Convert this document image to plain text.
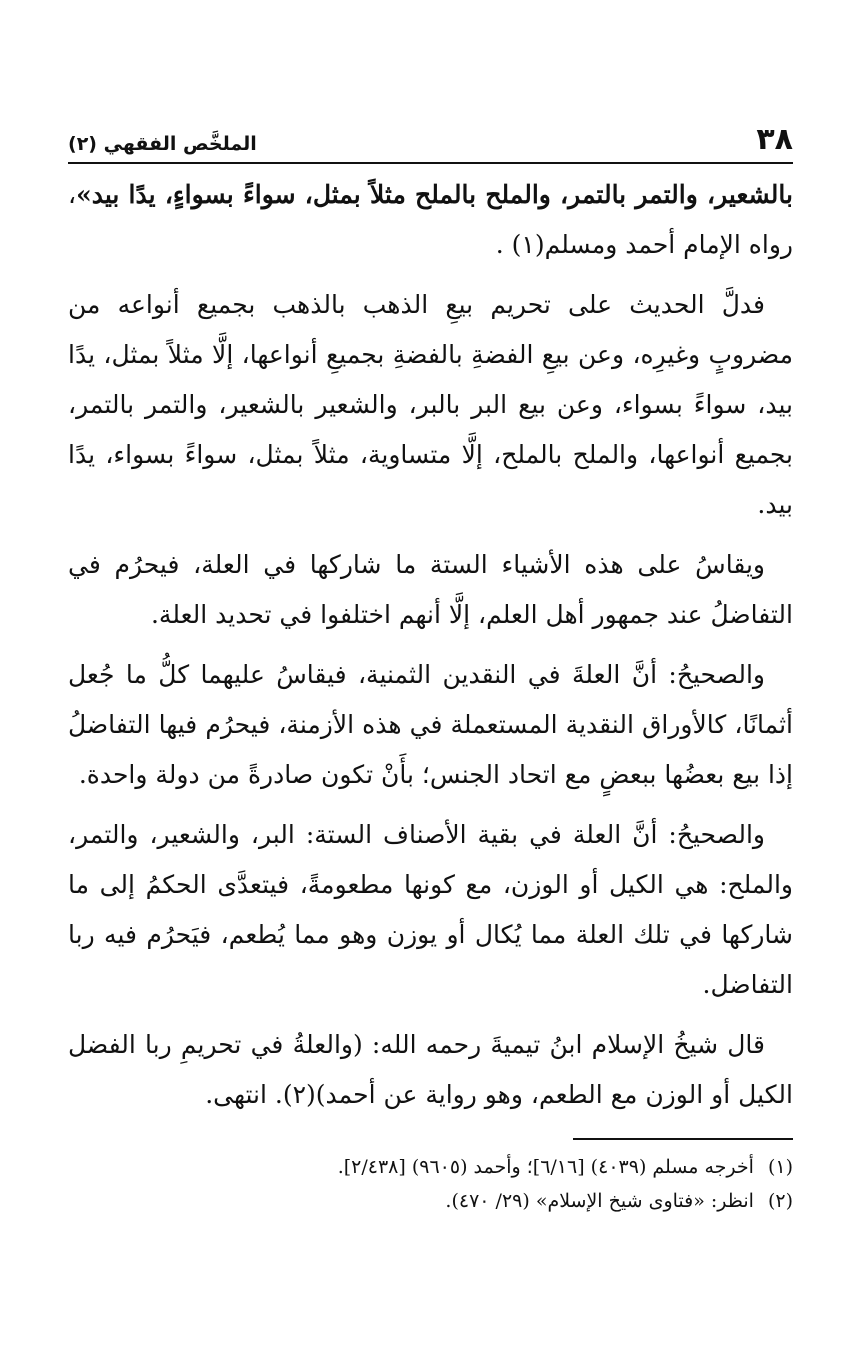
٣٨
الملخَّص الفقهي (٢)

بالشعير، والتمر بالتمر، والملح بالملح مثلاً بمثل، سواءً بسواءٍ، يدًا بيد»، رواه الإمام أحمد ومسلم(١) .

فدلَّ الحديث على تحريم بيعِ الذهب بالذهب بجميع أنواعه من مضروبٍ وغيرِه، وعن بيعِ الفضةِ بالفضةِ بجميعِ أنواعها، إلَّا مثلاً بمثل، يدًا بيد، سواءً بسواء، وعن بيع البر بالبر، والشعير بالشعير، والتمر بالتمر، بجميع أنواعها، والملح بالملح، إلَّا متساوية، مثلاً بمثل، سواءً بسواء، يدًا بيد.

ويقاسُ على هذه الأشياء الستة ما شاركها في العلة، فيحرُم في التفاضلُ عند جمهور أهل العلم، إلَّا أنهم اختلفوا في تحديد العلة.

والصحيحُ: أنَّ العلةَ في النقدين الثمنية، فيقاسُ عليهما كلُّ ما جُعل أثمانًا، كالأوراق النقدية المستعملة في هذه الأزمنة، فيحرُم فيها التفاضلُ إذا بيع بعضُها ببعضٍ مع اتحاد الجنس؛ بأَنْ تكون صادرةً من دولة واحدة.

والصحيحُ: أنَّ العلة في بقية الأصناف الستة: البر، والشعير، والتمر، والملح: هي الكيل أو الوزن، مع كونها مطعومةً، فيتعدَّى الحكمُ إلى ما شاركها في تلك العلة مما يُكال أو يوزن وهو مما يُطعم، فيَحرُم فيه ربا التفاضل.

قال شيخُ الإسلام ابنُ تيميةَ رحمه الله: (والعلةُ في تحريمِ ربا الفضل الكيل أو الوزن مع الطعم، وهو رواية عن أحمد)(٢). انتهى.

(١)أخرجه مسلم (٤٠٣٩) [٦/١٦]؛ وأحمد (٩٦٠٥) [٢/٤٣٨].

(٢)انظر: «فتاوى شيخ الإسلام» (٢٩/ ٤٧٠).
